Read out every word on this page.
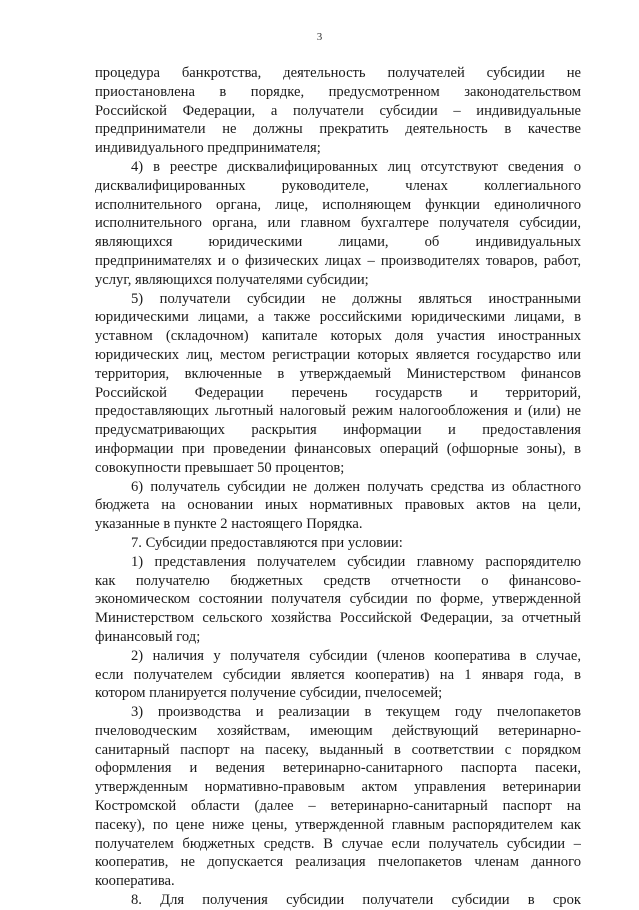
3
процедура банкротства, деятельность получателей субсидии не
приостановлена в порядке, предусмотренном законодательством
Российской Федерации, а получатели субсидии – индивидуальные
предприниматели не должны прекратить деятельность в качестве
индивидуального предпринимателя;
4) в реестре дисквалифицированных лиц отсутствуют сведения о
дисквалифицированных руководителе, членах коллегиального
исполнительного органа, лице, исполняющем функции единоличного
исполнительного органа, или главном бухгалтере получателя субсидии,
являющихся юридическими лицами, об индивидуальных
предпринимателях и о физических лицах – производителях товаров, работ,
услуг, являющихся получателями субсидии;
5) получатели субсидии не должны являться иностранными
юридическими лицами, а также российскими юридическими лицами, в
уставном (складочном) капитале которых доля участия иностранных
юридических лиц, местом регистрации которых является государство или
территория, включенные в утверждаемый Министерством финансов
Российской Федерации перечень государств и территорий,
предоставляющих льготный налоговый режим налогообложения и (или) не
предусматривающих раскрытия информации и предоставления
информации при проведении финансовых операций (офшорные зоны), в
совокупности превышает 50 процентов;
6) получатель субсидии не должен получать средства из областного
бюджета на основании иных нормативных правовых актов на цели,
указанные в пункте 2 настоящего Порядка.
7. Субсидии предоставляются при условии:
1) представления получателем субсидии главному распорядителю
как получателю бюджетных средств отчетности о финансово-
экономическом состоянии получателя субсидии по форме, утвержденной
Министерством сельского хозяйства Российской Федерации, за отчетный
финансовый год;
2) наличия у получателя субсидии (членов кооператива в случае,
если получателем субсидии является кооператив) на 1 января года, в
котором планируется получение субсидии, пчелосемей;
3) производства и реализации в текущем году пчелопакетов
пчеловодческим хозяйствам, имеющим действующий ветеринарно-
санитарный паспорт на пасеку, выданный в соответствии с порядком
оформления и ведения ветеринарно-санитарного паспорта пасеки,
утвержденным нормативно-правовым актом управления ветеринарии
Костромской области (далее – ветеринарно-санитарный паспорт на
пасеку), по цене ниже цены, утвержденной главным распорядителем как
получателем бюджетных средств. В случае если получатель субсидии –
кооператив, не допускается реализация пчелопакетов членам данного
кооператива.
8. Для получения субсидии получатели субсидии в срок
